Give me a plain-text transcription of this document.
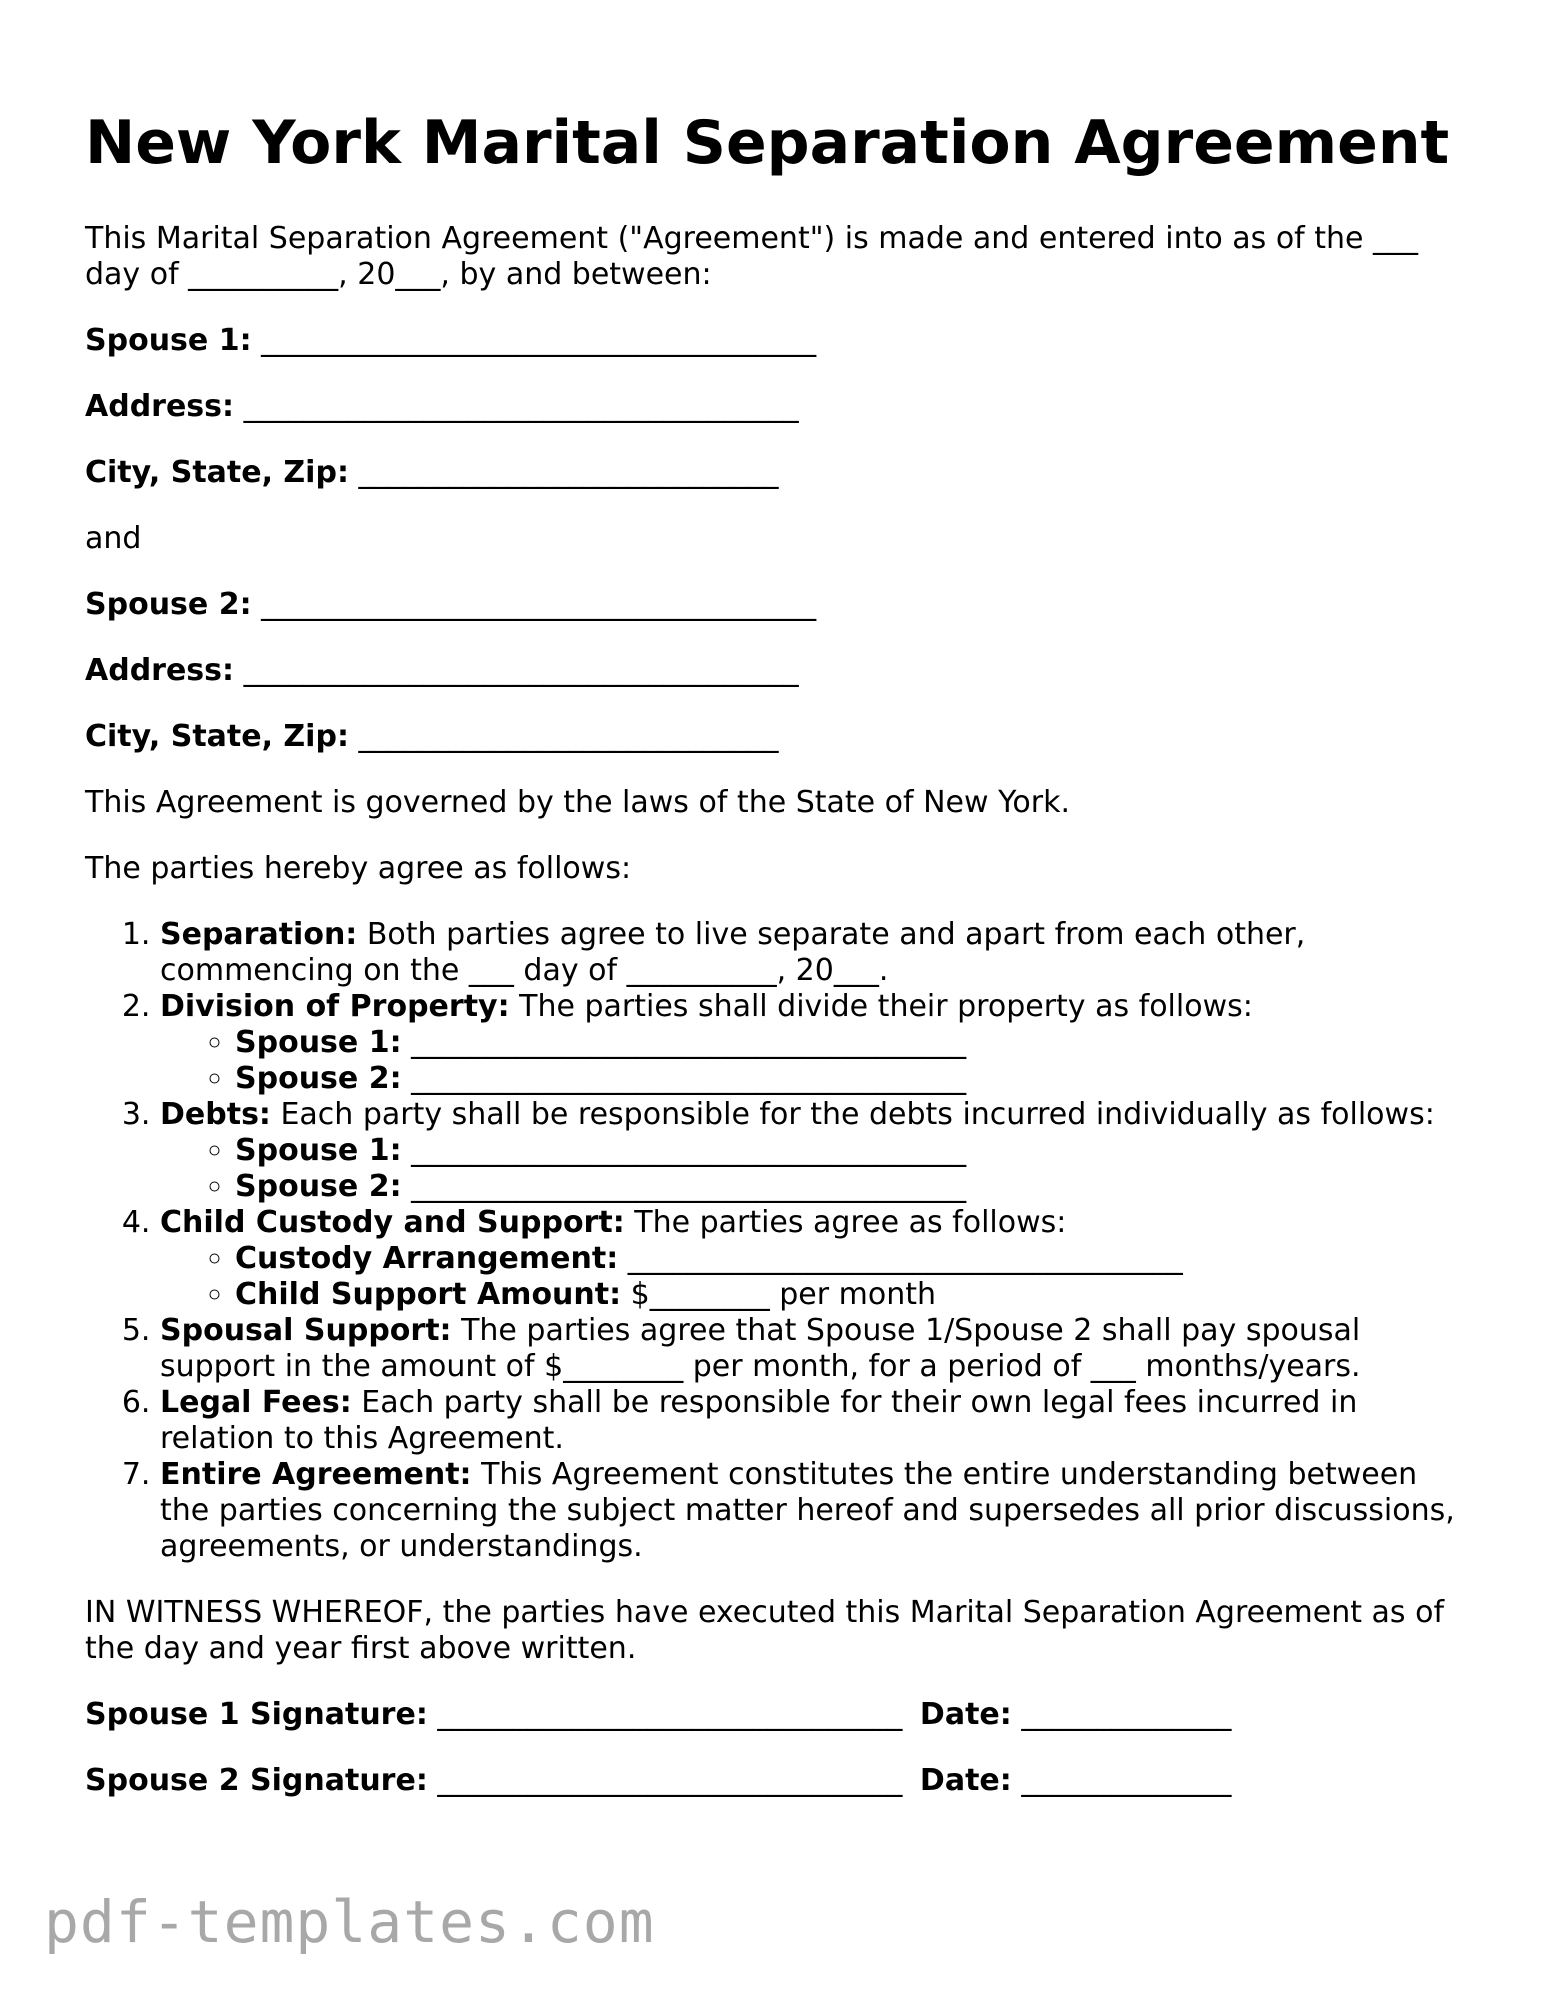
New York Marital Separation Agreement

This Marital Separation Agreement ("Agreement") is made and entered into as of the ___ day of __________, 20___, by and between:

Spouse 1: _____________________________________
Address: _____________________________________
City, State, Zip: ____________________________

and

Spouse 2: _____________________________________
Address: _____________________________________
City, State, Zip: ____________________________

This Agreement is governed by the laws of the State of New York.

The parties hereby agree as follows:

1. Separation: Both parties agree to live separate and apart from each other, commencing on the ___ day of __________, 20___.
2. Division of Property: The parties shall divide their property as follows:
◦ Spouse 1: _____________________________________
◦ Spouse 2: _____________________________________
3. Debts: Each party shall be responsible for the debts incurred individually as follows:
◦ Spouse 1: _____________________________________
◦ Spouse 2: _____________________________________
4. Child Custody and Support: The parties agree as follows:
◦ Custody Arrangement: _____________________________________
◦ Child Support Amount: $________ per month
5. Spousal Support: The parties agree that Spouse 1/Spouse 2 shall pay spousal support in the amount of $________ per month, for a period of ___ months/years.
6. Legal Fees: Each party shall be responsible for their own legal fees incurred in relation to this Agreement.
7. Entire Agreement: This Agreement constitutes the entire understanding between the parties concerning the subject matter hereof and supersedes all prior discussions, agreements, or understandings.

IN WITNESS WHEREOF, the parties have executed this Marital Separation Agreement as of the day and year first above written.

Spouse 1 Signature: _______________________________ Date: ______________
Spouse 2 Signature: _______________________________ Date: ______________
pdf-templates.com
